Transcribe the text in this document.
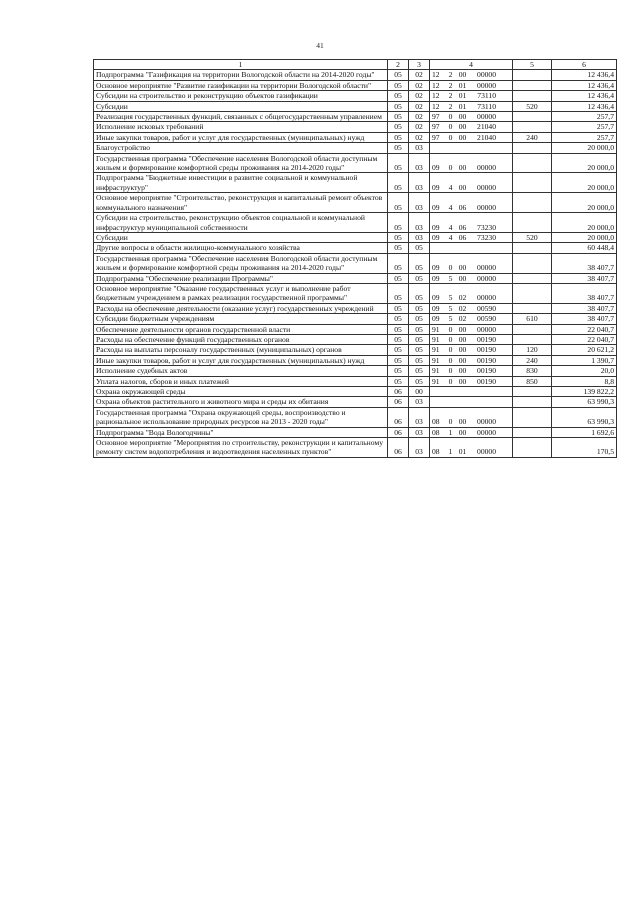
41
1	2	3	4	5	6
Подпрограмма "Газификация на территории Вологодской области на 2014-2020 годы"	05	02	12 2 00 00000		12 436,4
Основное мероприятие "Развитие газификации на территории Вологодской области"	05	02	12 2 01 00000		12 436,4
Субсидии на строительство и реконструкцию объектов газификации	05	02	12 2 01 73110		12 436,4
Субсидии	05	02	12 2 01 73110	520	12 436,4
Реализация государственных функций, связанных с общегосударственным управлением	05	02	97 0 00 00000		257,7
Исполнение исковых требований	05	02	97 0 00 21040		257,7
Иные закупки товаров, работ и услуг для государственных (муниципальных) нужд	05	02	97 0 00 21040	240	257,7
Благоустройство	05	03			20 000,0
Государственная программа "Обеспечение населения Вологодской области доступным жильем и формирование комфортной среды проживания на 2014-2020 годы"	05	03	09 0 00 00000		20 000,0
Подпрограмма "Бюджетные инвестиции в развитие социальной и коммунальной инфраструктур"	05	03	09 4 00 00000		20 000,0
Основное мероприятие "Строительство, реконструкция и капитальный ремонт объектов коммунального назначения"	05	03	09 4 06 00000		20 000,0
Субсидии на строительство, реконструкцию объектов социальной и коммунальной инфраструктур муниципальной собственности	05	03	09 4 06 73230		20 000,0
Субсидии	05	03	09 4 06 73230	520	20 000,0
Другие вопросы в области жилищно-коммунального хозяйства	05	05			60 448,4
Государственная программа "Обеспечение населения Вологодской области доступным жильем и формирование комфортной среды проживания на 2014-2020 годы"	05	05	09 0 00 00000		38 407,7
Подпрограмма "Обеспечение реализации Программы"	05	05	09 5 00 00000		38 407,7
Основное мероприятие "Оказание государственных услуг и выполнение работ бюджетным учреждением в рамках реализации государственной программы"	05	05	09 5 02 00000		38 407,7
Расходы на обеспечение деятельности (оказание услуг) государственных учреждений	05	05	09 5 02 00590		38 407,7
Субсидии бюджетным учреждениям	05	05	09 5 02 00590	610	38 407,7
Обеспечение деятельности органов государственной власти	05	05	91 0 00 00000		22 040,7
Расходы на обеспечение функций государственных органов	05	05	91 0 00 00190		22 040,7
Расходы на выплаты персоналу государственных (муниципальных) органов	05	05	91 0 00 00190	120	20 621,2
Иные закупки товаров, работ и услуг для государственных (муниципальных) нужд	05	05	91 0 00 00190	240	1 390,7
Исполнение судебных актов	05	05	91 0 00 00190	830	20,0
Уплата налогов, сборов и иных платежей	05	05	91 0 00 00190	850	8,8
Охрана окружающей среды	06	00			139 822,2
Охрана объектов растительного и животного мира и среды их обитания	06	03			63 990,3
Государственная программа "Охрана окружающей среды, воспроизводство и рациональное использование природных ресурсов на 2013 - 2020 годы"	06	03	08 0 00 00000		63 990,3
Подпрограмма "Вода Вологодчины"	06	03	08 1 00 00000		1 692,6
Основное мероприятие "Мероприятия по строительству, реконструкции и капитальному ремонту систем водопотребления и водоотведения населенных пунктов"	06	03	08 1 01 00000		170,5
